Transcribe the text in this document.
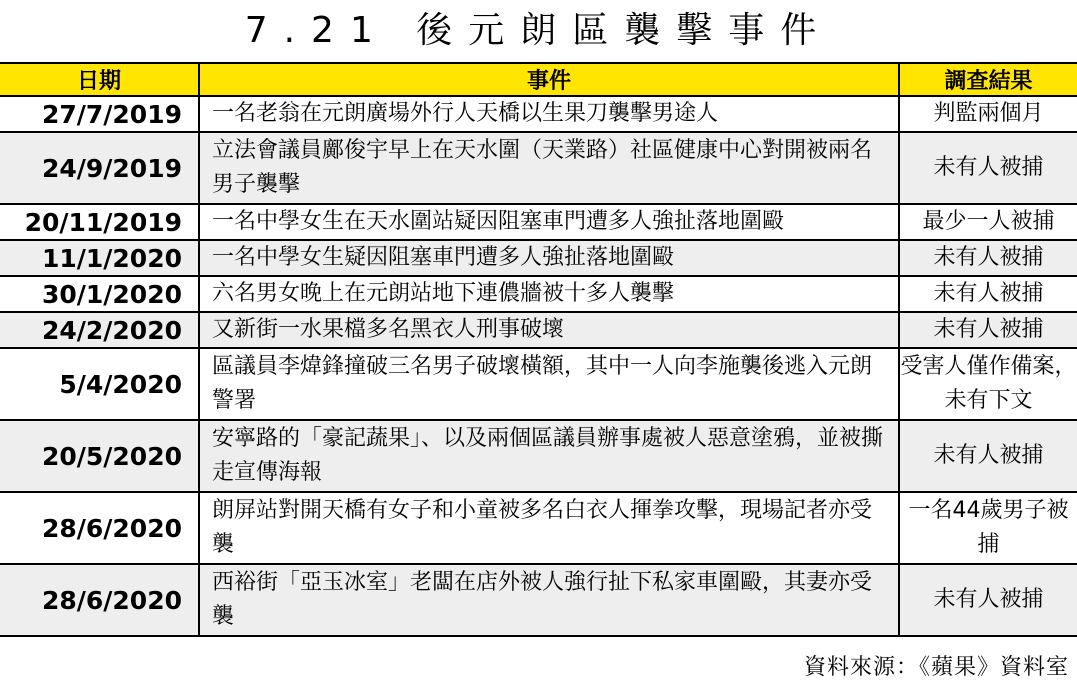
7.21 後元朗區襲擊事件
日期	事件	調查結果
27/7/2019	一名老翁在元朗廣場外行人天橋以生果刀襲擊男途人	判監兩個月
24/9/2019	立法會議員鄺俊宇早上在天水圍（天業路）社區健康中心對開被兩名男子襲擊	未有人被捕
20/11/2019	一名中學女生在天水圍站疑因阻塞車門遭多人強扯落地圍毆	最少一人被捕
11/1/2020	一名中學女生疑因阻塞車門遭多人強扯落地圍毆	未有人被捕
30/1/2020	六名男女晚上在元朗站地下連儂牆被十多人襲擊	未有人被捕
24/2/2020	又新街一水果檔多名黑衣人刑事破壞	未有人被捕
5/4/2020	區議員李煒鋒撞破三名男子破壞橫額，其中一人向李施襲後逃入元朗警署	受害人僅作備案，未有下文
20/5/2020	安寧路的「豪記蔬果」、以及兩個區議員辦事處被人惡意塗鴉，並被撕走宣傳海報	未有人被捕
28/6/2020	朗屏站對開天橋有女子和小童被多名白衣人揮拳攻擊，現場記者亦受襲	一名44歲男子被捕
28/6/2020	西裕街「亞玉冰室」老闆在店外被人強行扯下私家車圍毆，其妻亦受襲	未有人被捕
資料來源：《蘋果》資料室
